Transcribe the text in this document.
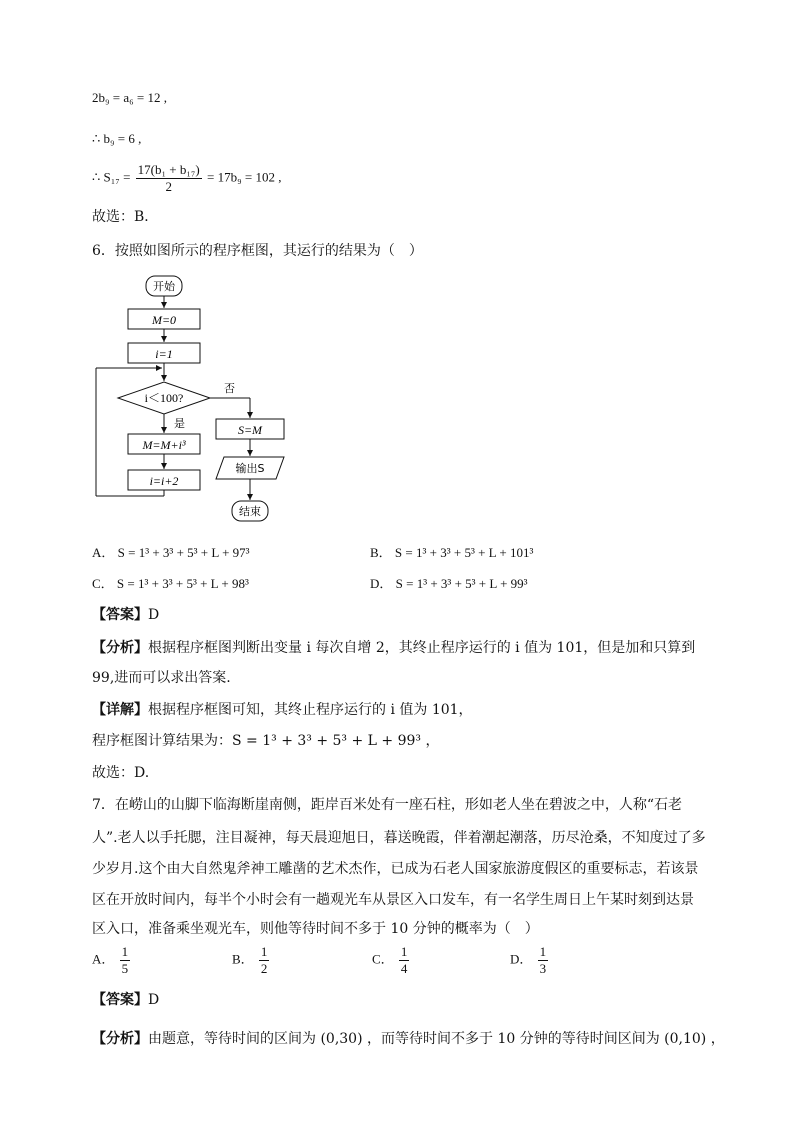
2b₉ = a₆ = 12 ,
∴ b₉ = 6 ,
∴ $S_{17} = \frac{\text{17(b₁ + b₁₇)}}{2} = 17b_9 = 102$ ,
故选：B．
6．按照如图所示的程序框图，其运行的结果为（　）
开始
M=0
i=1
i＜100?
是
M=M+i³
i=i+2
否
S=M
输出S
结束
A． S = 1³ + 3³ + 5³ + L + 97³	B． S = 1³ + 3³ + 5³ + L + 101³
C． S = 1³ + 3³ + 5³ + L + 98³	D． S = 1³ + 3³ + 5³ + L + 99³
【答案】D
【分析】根据程序框图判断出变量 i 每次自增 2，其终止程序运行的 i 值为 101，但是加和只算到
99,进而可以求出答案.
【详解】根据程序框图可知，其终止程序运行的 i 值为 101，
程序框图计算结果为：S = 1³ + 3³ + 5³ + L + 99³ ，
故选：D.
7．在崂山的山脚下临海断崖南侧，距岸百米处有一座石柱，形如老人坐在碧波之中，人称“石老
人”.老人以手托腮，注目凝神，每天晨迎旭日，暮送晚霞，伴着潮起潮落，历尽沧桑，不知度过了多
少岁月.这个由大自然鬼斧神工雕凿的艺术杰作，已成为石老人国家旅游度假区的重要标志，若该景
区在开放时间内，每半个小时会有一趟观光车从景区入口发车，有一名学生周日上午某时刻到达景
区入口，准备乘坐观光车，则他等待时间不多于 10 分钟的概率为（　）
A． $\frac{1}{5}$	B． $\frac{1}{2}$	C． $\frac{1}{4}$	D． $\frac{1}{3}$
【答案】D
【分析】由题意，等待时间的区间为 (0,30) ，而等待时间不多于 10 分钟的等待时间区间为 (0,10) ，
